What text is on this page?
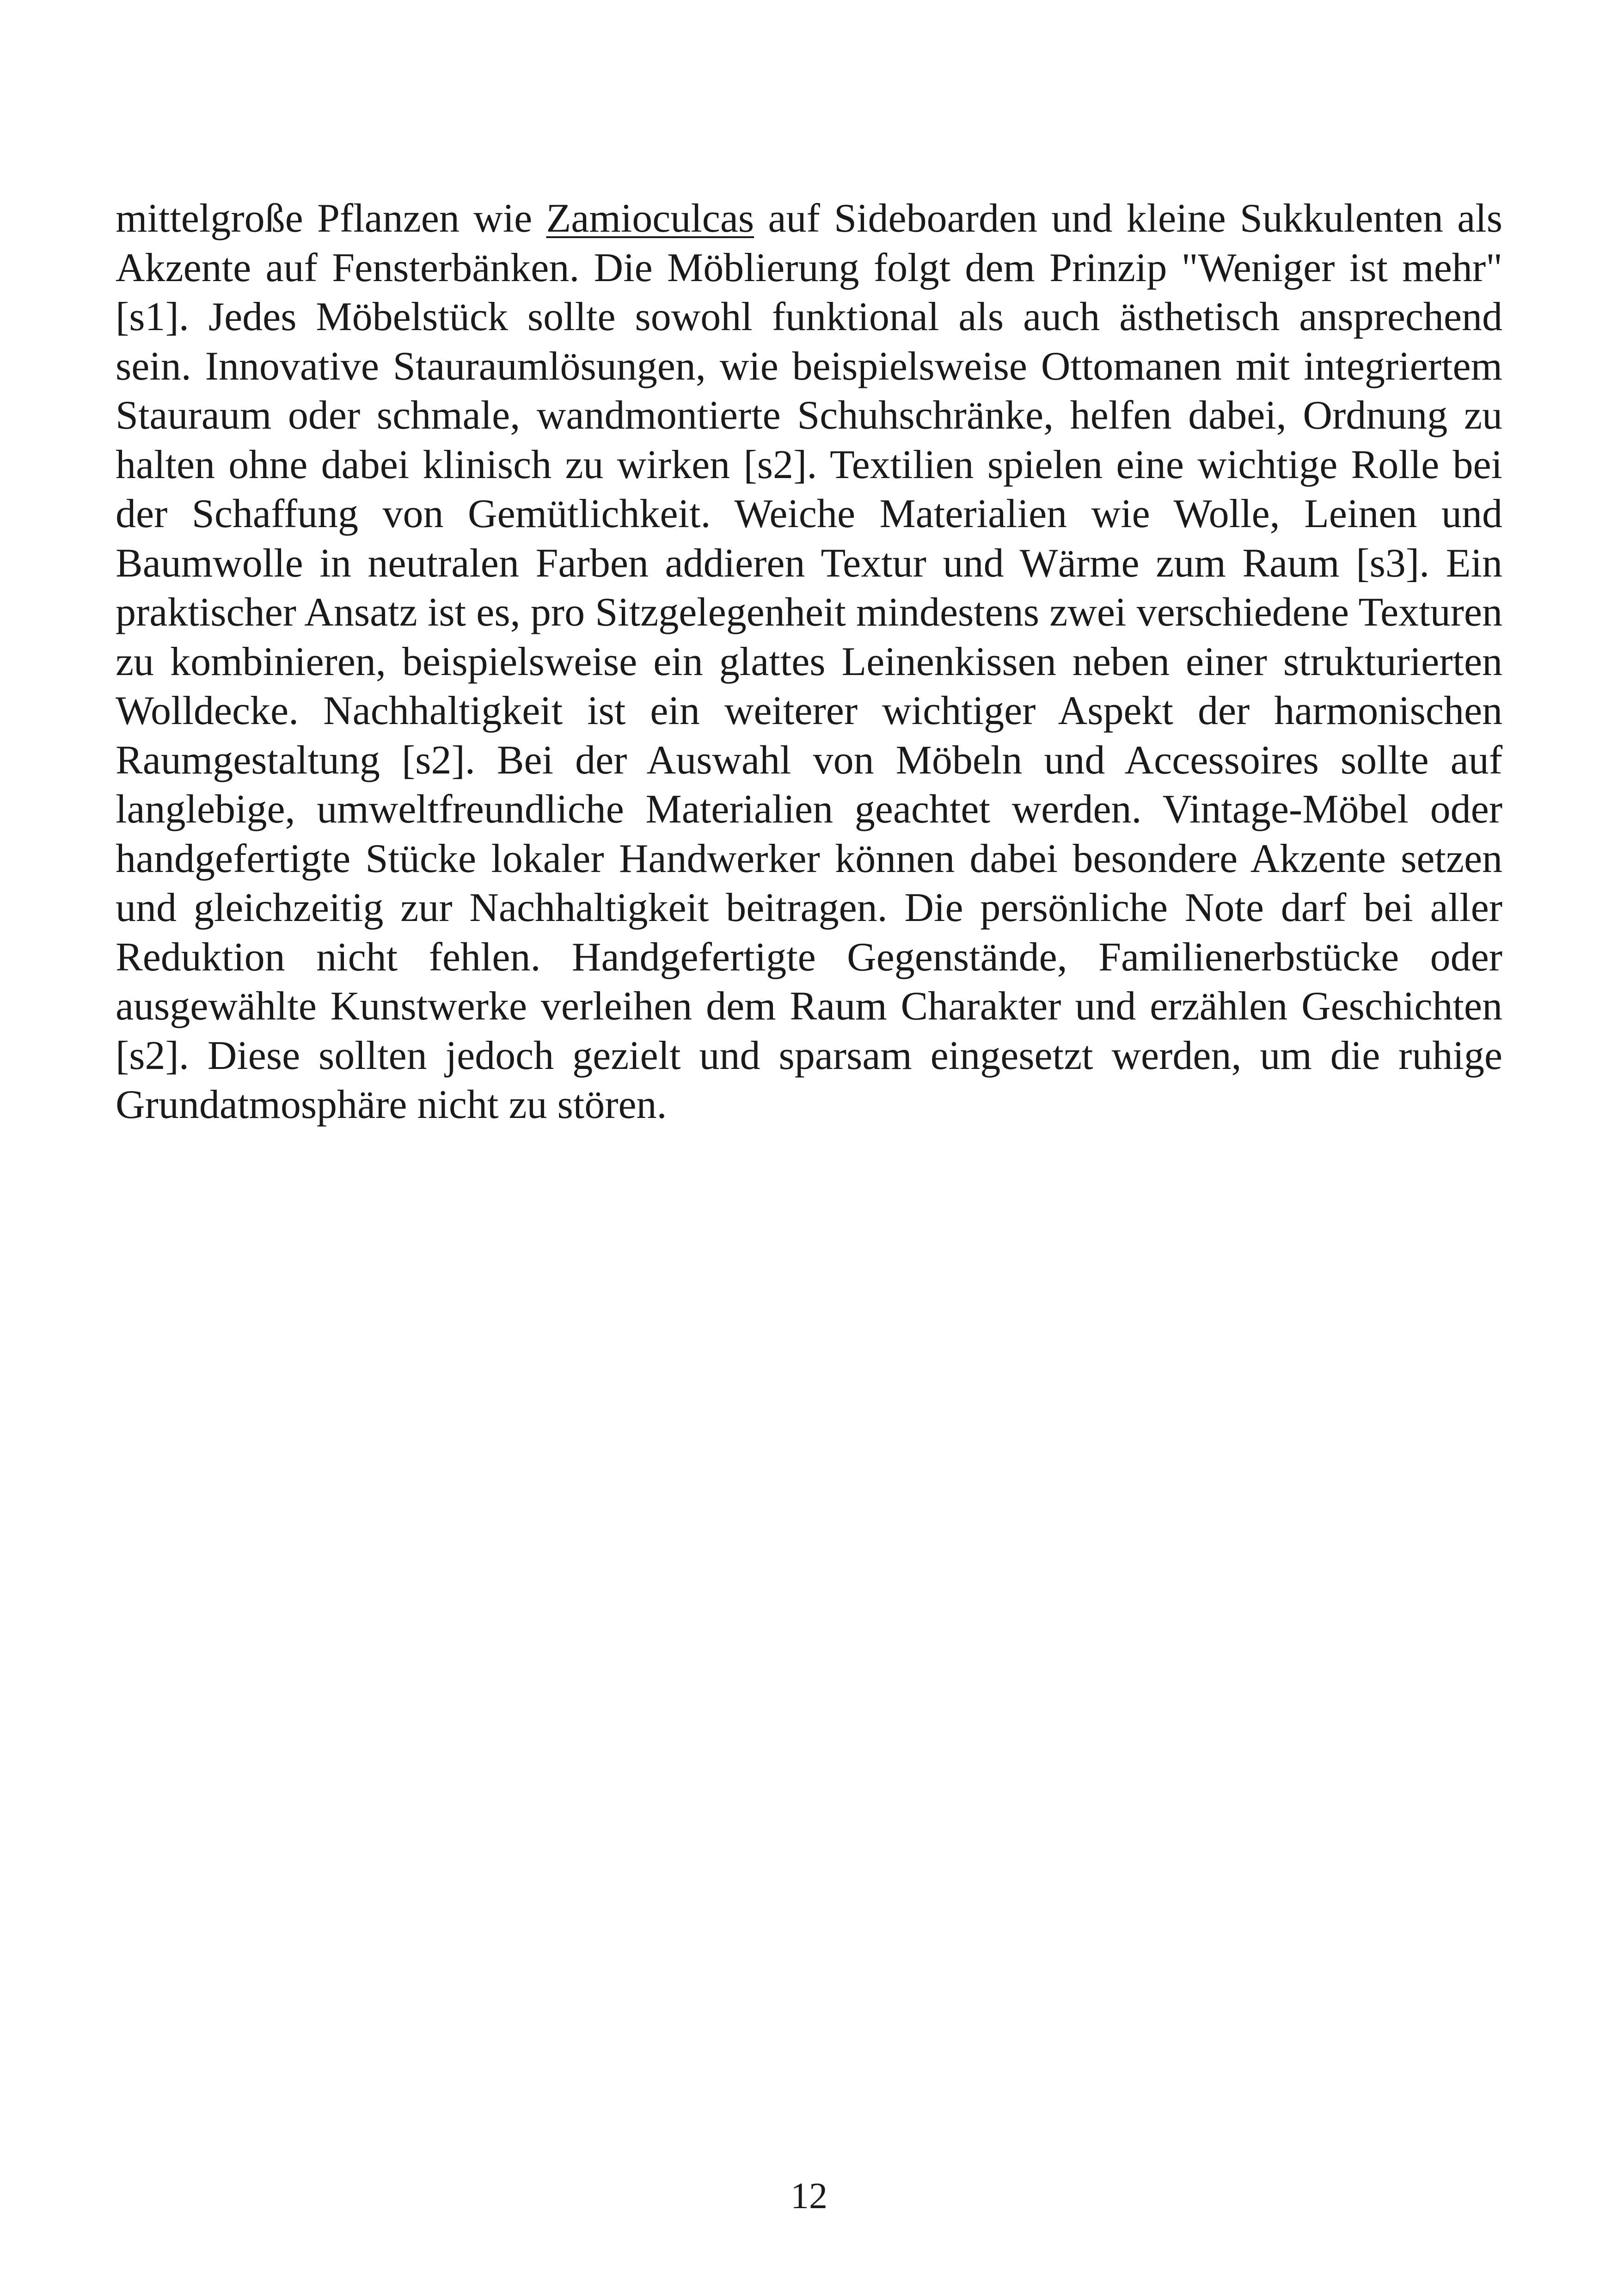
mittelgroße Pflanzen wie Zamioculcas auf Sideboarden und kleine Sukkulenten als Akzente auf Fensterbänken. Die Möblierung folgt dem Prinzip "Weniger ist mehr" [s1]. Jedes Möbelstück sollte sowohl funktional als auch ästhetisch ansprechend sein. Innovative Stauraumlösungen, wie beispielsweise Ottomanen mit integriertem Stauraum oder schmale, wandmontierte Schuhschränke, helfen dabei, Ordnung zu halten ohne dabei klinisch zu wirken [s2]. Textilien spielen eine wichtige Rolle bei der Schaffung von Gemütlichkeit. Weiche Materialien wie Wolle, Leinen und Baumwolle in neutralen Farben addieren Textur und Wärme zum Raum [s3]. Ein praktischer Ansatz ist es, pro Sitzgelegenheit mindestens zwei verschiedene Texturen zu kombinieren, beispielsweise ein glattes Leinenkissen neben einer strukturierten Wolldecke. Nachhaltigkeit ist ein weiterer wichtiger Aspekt der harmonischen Raumgestaltung [s2]. Bei der Auswahl von Möbeln und Accessoires sollte auf langlebige, umweltfreundliche Materialien geachtet werden. Vintage-Möbel oder handgefertigte Stücke lokaler Handwerker können dabei besondere Akzente setzen und gleichzeitig zur Nachhaltigkeit beitragen. Die persönliche Note darf bei aller Reduktion nicht fehlen. Handgefertigte Gegenstände, Familienerbstücke oder ausgewählte Kunstwerke verleihen dem Raum Charakter und erzählen Geschichten [s2]. Diese sollten jedoch gezielt und sparsam eingesetzt werden, um die ruhige Grundatmosphäre nicht zu stören.

12
